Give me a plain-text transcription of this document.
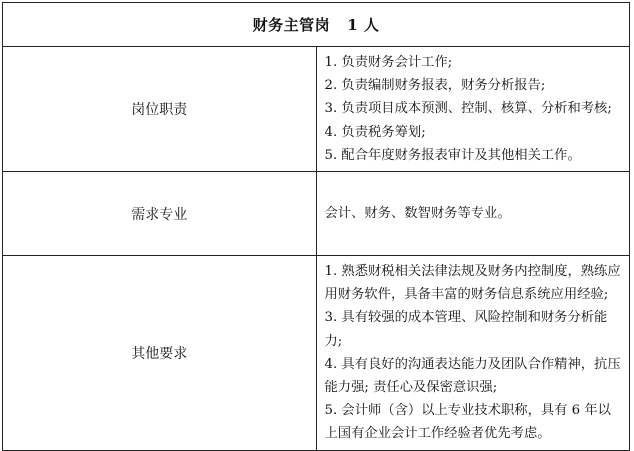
财务主管岗   1 人	
岗位职责	1. 负责财务会计工作;
2. 负责编制财务报表，财务分析报告;
3. 负责项目成本预测、控制、核算、分析和考核;
4. 负责税务筹划;
5. 配合年度财务报表审计及其他相关工作。

需求专业	会计、财务、数智财务等专业。

其他要求	1. 熟悉财税相关法律法规及财务内控制度，熟练应用财务软件，具备丰富的财务信息系统应用经验;
3. 具有较强的成本管理、风险控制和财务分析能力;
4. 具有良好的沟通表达能力及团队合作精神，抗压能力强; 责任心及保密意识强;
5. 会计师（含）以上专业技术职称，具有 6 年以上国有企业会计工作经验者优先考虑。
